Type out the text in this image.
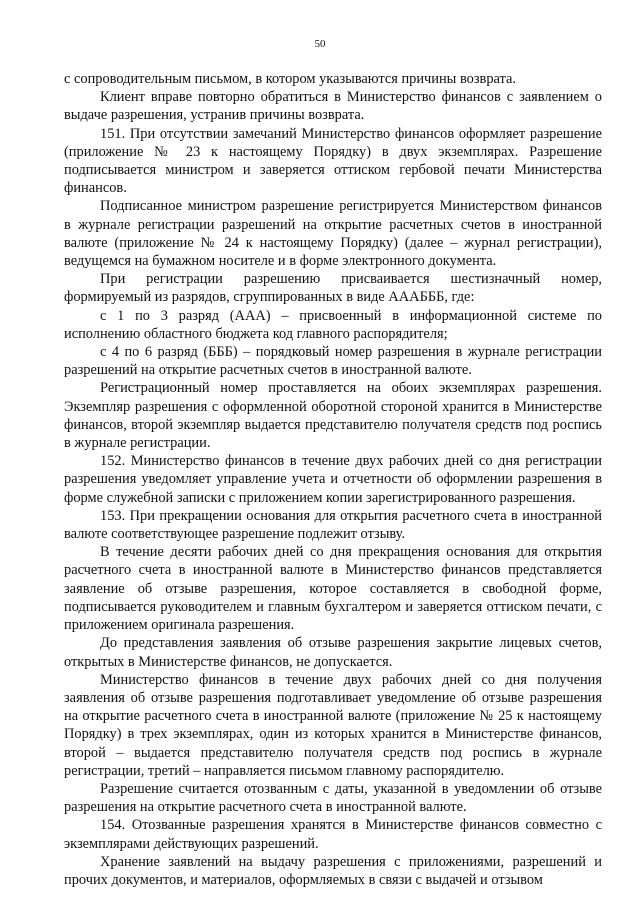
50

с сопроводительным письмом, в котором указываются причины возврата.

Клиент вправе повторно обратиться в Министерство финансов с заявлением о выдаче разрешения, устранив причины возврата.

151. При отсутствии замечаний Министерство финансов оформляет разрешение (приложение № 23 к настоящему Порядку) в двух экземплярах. Разрешение подписывается министром и заверяется оттиском гербовой печати Министерства финансов.

Подписанное министром разрешение регистрируется Министерством финансов в журнале регистрации разрешений на открытие расчетных счетов в иностранной валюте (приложение № 24 к настоящему Порядку) (далее – журнал регистрации), ведущемся на бумажном носителе и в форме электронного документа.

При регистрации разрешению присваивается шестизначный номер, формируемый из разрядов, сгруппированных в виде АААБББ, где:

с 1 по 3 разряд (ААА) – присвоенный в информационной системе по исполнению областного бюджета код главного распорядителя;

с 4 по 6 разряд (БББ) – порядковый номер разрешения в журнале регистрации разрешений на открытие расчетных счетов в иностранной валюте.

Регистрационный номер проставляется на обоих экземплярах разрешения. Экземпляр разрешения с оформленной оборотной стороной хранится в Министерстве финансов, второй экземпляр выдается представителю получателя средств под роспись в журнале регистрации.

152. Министерство финансов в течение двух рабочих дней со дня регистрации разрешения уведомляет управление учета и отчетности об оформлении разрешения в форме служебной записки с приложением копии зарегистрированного разрешения.

153. При прекращении основания для открытия расчетного счета в иностранной валюте соответствующее разрешение подлежит отзыву.

В течение десяти рабочих дней со дня прекращения основания для открытия расчетного счета в иностранной валюте в Министерство финансов представляется заявление об отзыве разрешения, которое составляется в свободной форме, подписывается руководителем и главным бухгалтером и заверяется оттиском печати, с приложением оригинала разрешения.

До представления заявления об отзыве разрешения закрытие лицевых счетов, открытых в Министерстве финансов, не допускается.

Министерство финансов в течение двух рабочих дней со дня получения заявления об отзыве разрешения подготавливает уведомление об отзыве разрешения на открытие расчетного счета в иностранной валюте (приложение № 25 к настоящему Порядку) в трех экземплярах, один из которых хранится в Министерстве финансов, второй – выдается представителю получателя средств под роспись в журнале регистрации, третий – направляется письмом главному распорядителю.

Разрешение считается отозванным с даты, указанной в уведомлении об отзыве разрешения на открытие расчетного счета в иностранной валюте.

154. Отозванные разрешения хранятся в Министерстве финансов совместно с экземплярами действующих разрешений.

Хранение заявлений на выдачу разрешения с приложениями, разрешений и прочих документов, и материалов, оформляемых в связи с выдачей и отзывом
